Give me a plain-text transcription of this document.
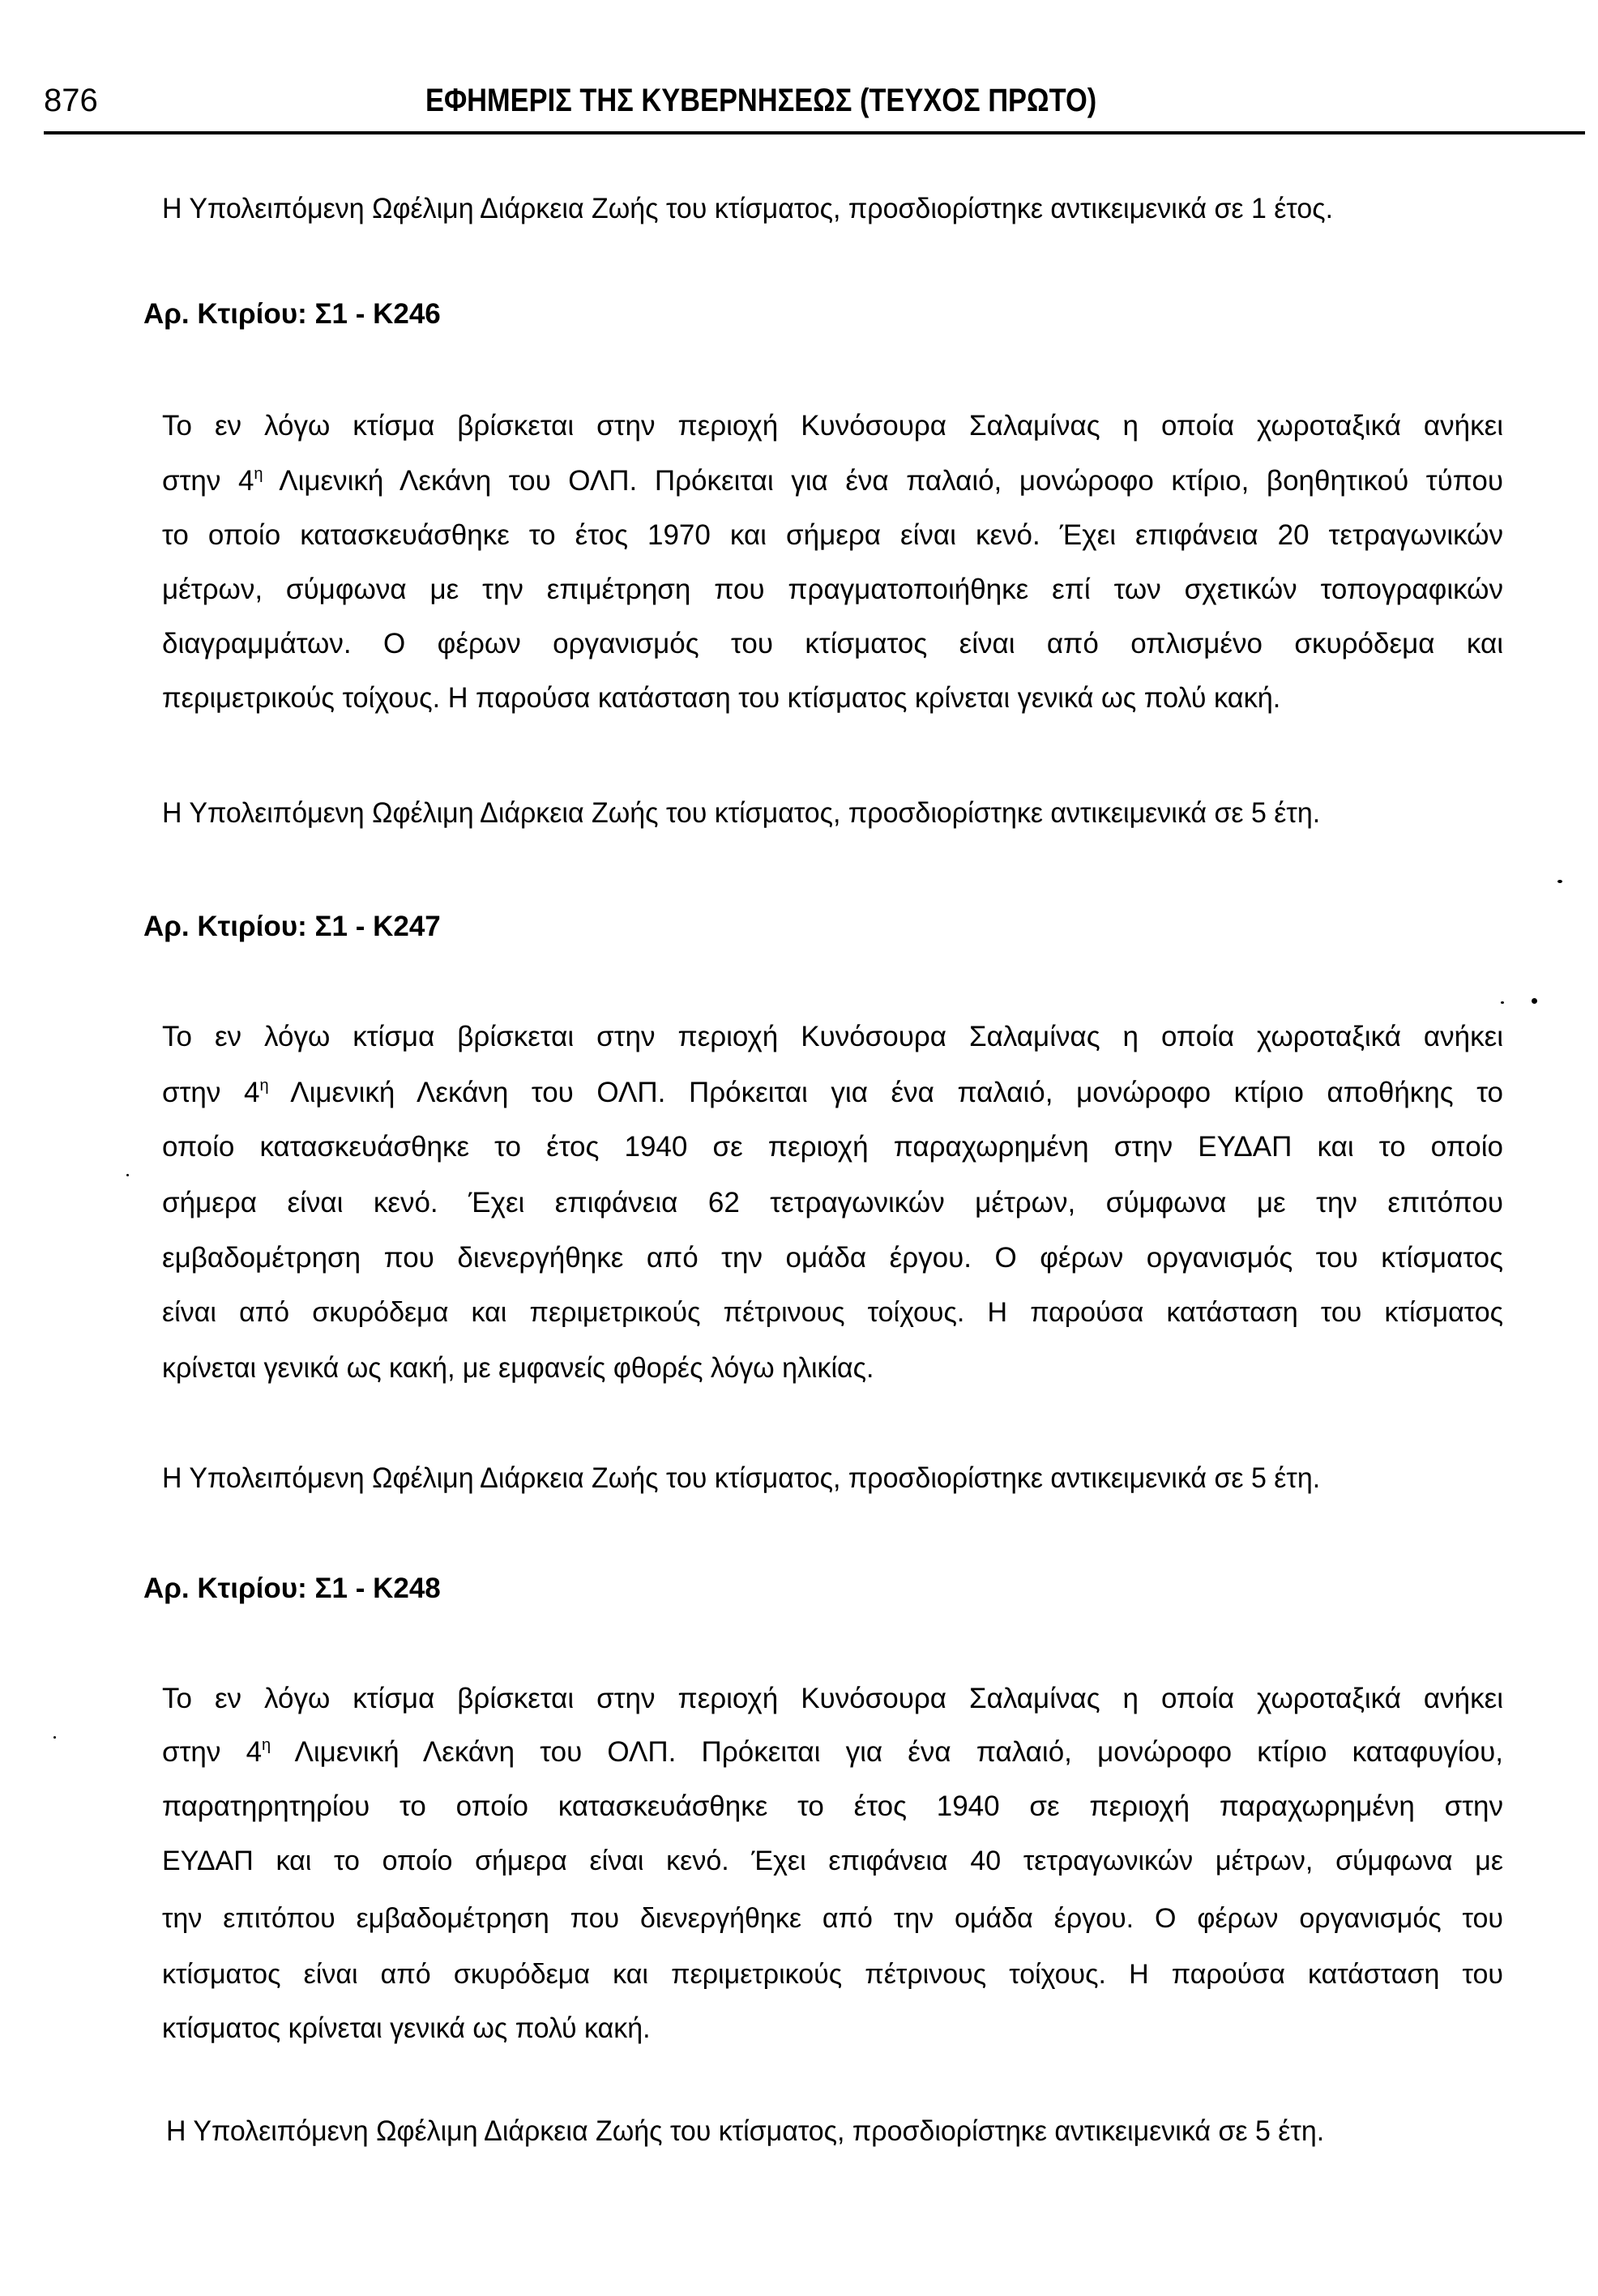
876	ΕΦΗΜΕΡΙΣ ΤΗΣ ΚΥΒΕΡΝΗΣΕΩΣ (ΤΕΥΧΟΣ ΠΡΩΤΟ)
Η Υπολειπόμενη Ωφέλιμη Διάρκεια Ζωής του κτίσματος, προσδιορίστηκε αντικειμενικά σε 1 έτος.
Αρ. Κτιρίου: Σ1 - Κ246
Το εν λόγω κτίσμα βρίσκεται στην περιοχή Κυνόσουρα Σαλαμίνας η οποία χωροταξικά ανήκει
στην $4^\eta$ Λιμενική Λεκάνη του ΟΛΠ. Πρόκειται για ένα παλαιό, μονώροφο κτίριο, βοηθητικού τύπου
το οποίο κατασκευάσθηκε το έτος 1970 και σήμερα είναι κενό. Έχει επιφάνεια 20 τετραγωνικών
μέτρων, σύμφωνα με την επιμέτρηση που πραγματοποιήθηκε επί των σχετικών τοπογραφικών
διαγραμμάτων. Ο φέρων οργανισμός του κτίσματος είναι από οπλισμένο σκυρόδεμα και
περιμετρικούς τοίχους. Η παρούσα κατάσταση του κτίσματος κρίνεται γενικά ως πολύ κακή.
Η Υπολειπόμενη Ωφέλιμη Διάρκεια Ζωής του κτίσματος, προσδιορίστηκε αντικειμενικά σε 5 έτη.
Αρ. Κτιρίου: Σ1 - Κ247
Το εν λόγω κτίσμα βρίσκεται στην περιοχή Κυνόσουρα Σαλαμίνας η οποία χωροταξικά ανήκει
στην $4^\eta$ Λιμενική Λεκάνη του ΟΛΠ. Πρόκειται για ένα παλαιό, μονώροφο κτίριο αποθήκης το
οποίο κατασκευάσθηκε το έτος 1940 σε περιοχή παραχωρημένη στην ΕΥΔΑΠ και το οποίο
σήμερα είναι κενό. Έχει επιφάνεια 62 τετραγωνικών μέτρων, σύμφωνα με την επιτόπου
εμβαδομέτρηση που διενεργήθηκε από την ομάδα έργου. Ο φέρων οργανισμός του κτίσματος
είναι από σκυρόδεμα και περιμετρικούς πέτρινους τοίχους. Η παρούσα κατάσταση του κτίσματος
κρίνεται γενικά ως κακή, με εμφανείς φθορές λόγω ηλικίας.
Η Υπολειπόμενη Ωφέλιμη Διάρκεια Ζωής του κτίσματος, προσδιορίστηκε αντικειμενικά σε 5 έτη.
Αρ. Κτιρίου: Σ1 - Κ248
Το εν λόγω κτίσμα βρίσκεται στην περιοχή Κυνόσουρα Σαλαμίνας η οποία χωροταξικά ανήκει
στην $4^\eta$ Λιμενική Λεκάνη του ΟΛΠ. Πρόκειται για ένα παλαιό, μονώροφο κτίριο καταφυγίου,
παρατηρητηρίου το οποίο κατασκευάσθηκε το έτος 1940 σε περιοχή παραχωρημένη στην
ΕΥΔΑΠ και το οποίο σήμερα είναι κενό. Έχει επιφάνεια 40 τετραγωνικών μέτρων, σύμφωνα με
την επιτόπου εμβαδομέτρηση που διενεργήθηκε από την ομάδα έργου. Ο φέρων οργανισμός του
κτίσματος είναι από σκυρόδεμα και περιμετρικούς πέτρινους τοίχους. Η παρούσα κατάσταση του
κτίσματος κρίνεται γενικά ως πολύ κακή.
Η Υπολειπόμενη Ωφέλιμη Διάρκεια Ζωής του κτίσματος, προσδιορίστηκε αντικειμενικά σε 5 έτη.
